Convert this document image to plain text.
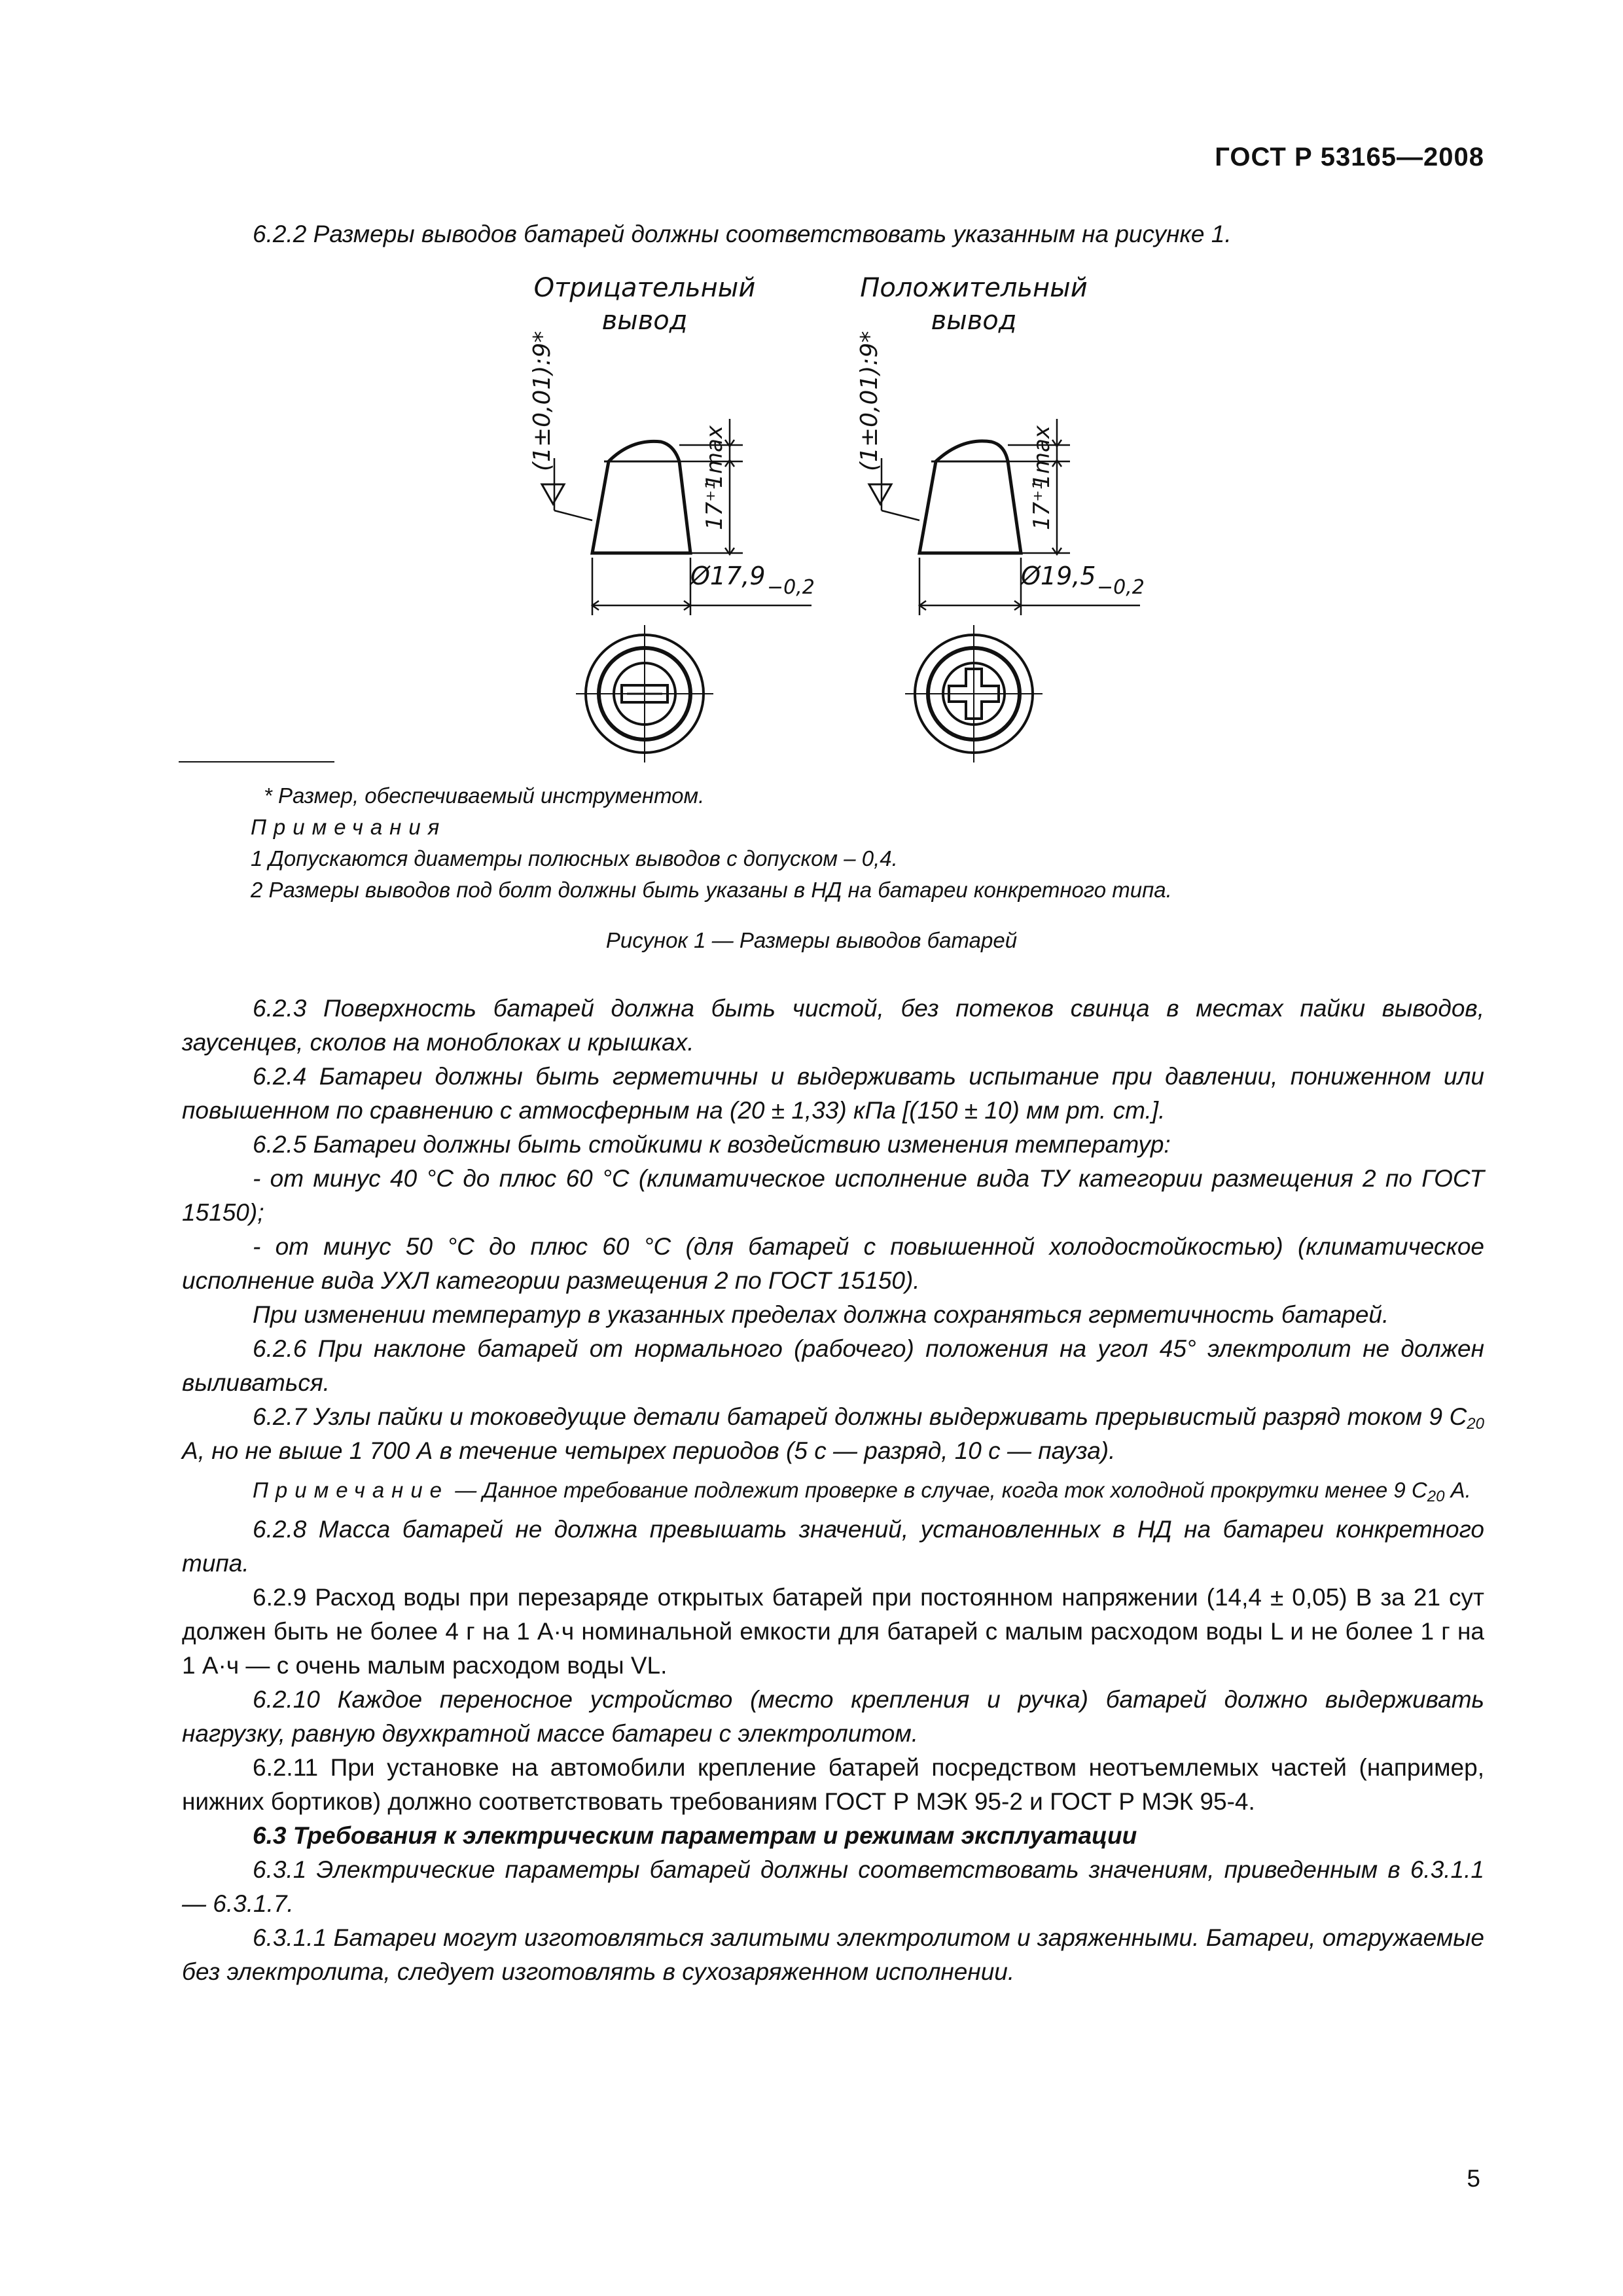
ГОСТ Р 53165—2008

6.2.2 Размеры выводов батарей должны соответствовать указанным на рисунке 1.

Отрицательный
вывод
Положительный
вывод
(1±0,01):9*	(1±0,01):9*
1max	1max
17⁺¹	17⁺¹
Ø17,9 −0,2	Ø19,5 −0,2

* Размер, обеспечиваемый инструментом.

Примечания

1 Допускаются диаметры полюсных выводов с допуском – 0,4.

2 Размеры выводов под болт должны быть указаны в НД на батареи конкретного типа.

Рисунок 1 — Размеры выводов батарей

6.2.3 Поверхность батарей должна быть чистой, без потеков свинца в местах пайки выводов, заусенцев, сколов на моноблоках и крышках.

6.2.4 Батареи должны быть герметичны и выдерживать испытание при давлении, пониженном или повышенном по сравнению с атмосферным на (20 ± 1,33) кПа [(150 ± 10) мм рт. ст.].

6.2.5 Батареи должны быть стойкими к воздействию изменения температур:

- от минус 40 °С до плюс 60 °С (климатическое исполнение вида ТУ категории размещения 2 по ГОСТ 15150);

- от минус 50 °С до плюс 60 °С (для батарей с повышенной холодостойкостью) (климатическое исполнение вида УХЛ категории размещения 2 по ГОСТ 15150).

При изменении температур в указанных пределах должна сохраняться герметичность батарей.

6.2.6 При наклоне батарей от нормального (рабочего) положения на угол 45° электролит не должен выливаться.

6.2.7 Узлы пайки и токоведущие детали батарей должны выдерживать прерывистый разряд током 9 $C_{20}$ А, но не выше 1 700 А в течение четырех периодов (5 с — разряд, 10 с — пауза).

Примечание — Данное требование подлежит проверке в случае, когда ток холодной прокрутки менее 9 $C_{20}$ А.

6.2.8 Масса батарей не должна превышать значений, установленных в НД на батареи конкретного типа.

6.2.9 Расход воды при перезаряде открытых батарей при постоянном напряжении (14,4 ± 0,05) В за 21 сут должен быть не более 4 г на 1 А·ч номинальной емкости для батарей с малым расходом воды L и не более 1 г на 1 А·ч — с очень малым расходом воды VL.

6.2.10 Каждое переносное устройство (место крепления и ручка) батарей должно выдерживать нагрузку, равную двухкратной массе батареи с электролитом.

6.2.11 При установке на автомобили крепление батарей посредством неотъемлемых частей (например, нижних бортиков) должно соответствовать требованиям ГОСТ Р МЭК 95-2 и ГОСТ Р МЭК 95-4.

6.3 Требования к электрическим параметрам и режимам эксплуатации

6.3.1 Электрические параметры батарей должны соответствовать значениям, приведенным в 6.3.1.1 — 6.3.1.7.

6.3.1.1 Батареи могут изготовляться залитыми электролитом и заряженными. Батареи, отгружаемые без электролита, следует изготовлять в сухозаряженном исполнении.

5
